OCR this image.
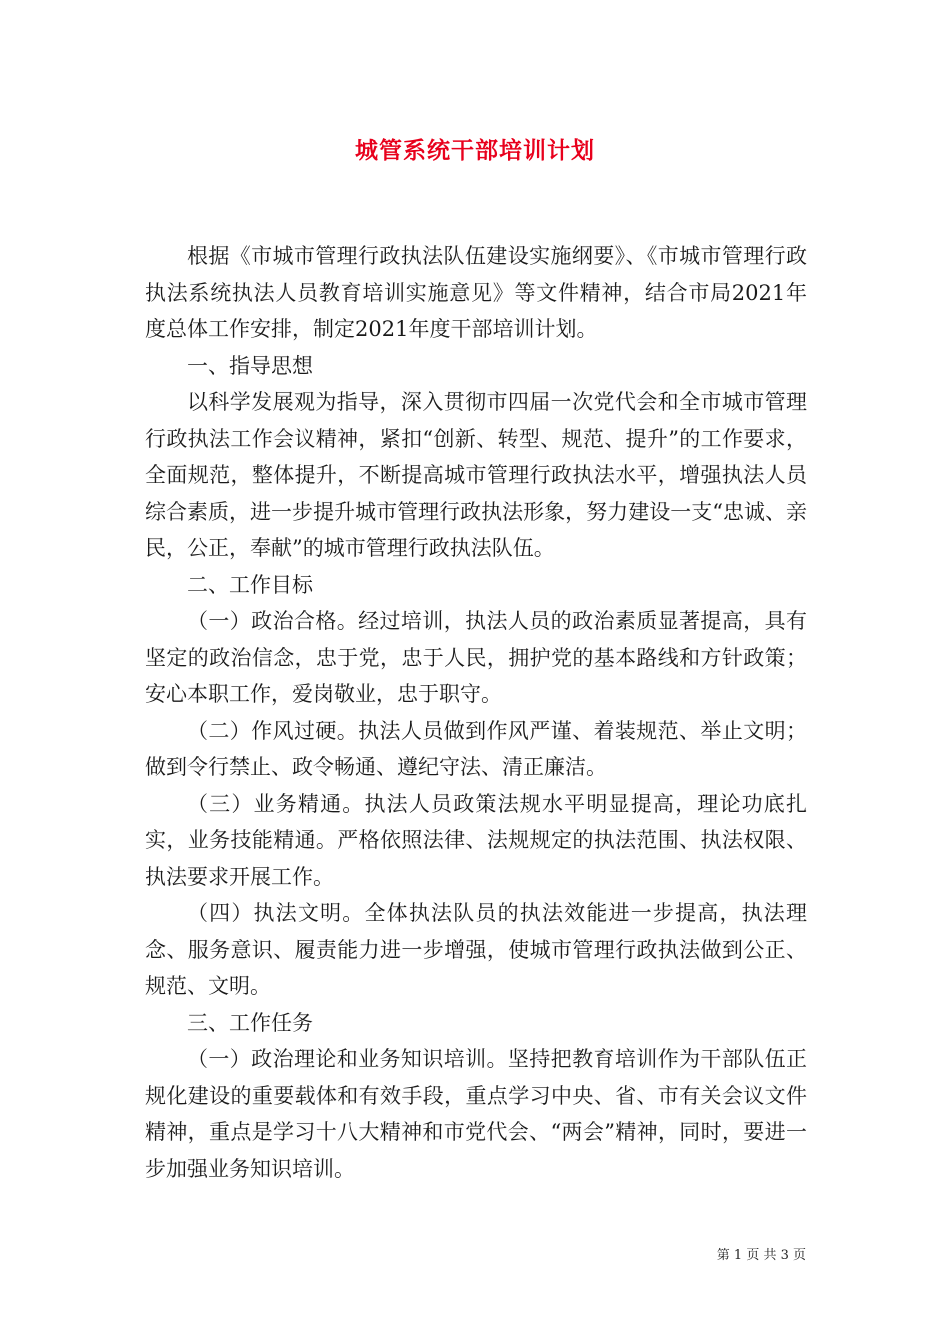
城管系统干部培训计划

根据《市城市管理行政执法队伍建设实施纲要》、《市城市管理行政执法系统执法人员教育培训实施意见》等文件精神，结合市局2021年度总体工作安排，制定2021年度干部培训计划。

一、指导思想

以科学发展观为指导，深入贯彻市四届一次党代会和全市城市管理行政执法工作会议精神，紧扣“创新、转型、规范、提升”的工作要求，全面规范，整体提升，不断提高城市管理行政执法水平，增强执法人员综合素质，进一步提升城市管理行政执法形象，努力建设一支“忠诚、亲民，公正，奉献”的城市管理行政执法队伍。

二、工作目标

（一）政治合格。经过培训，执法人员的政治素质显著提高，具有坚定的政治信念，忠于党，忠于人民，拥护党的基本路线和方针政策；安心本职工作，爱岗敬业，忠于职守。

（二）作风过硬。执法人员做到作风严谨、着装规范、举止文明；做到令行禁止、政令畅通、遵纪守法、清正廉洁。

（三）业务精通。执法人员政策法规水平明显提高，理论功底扎实，业务技能精通。严格依照法律、法规规定的执法范围、执法权限、执法要求开展工作。

（四）执法文明。全体执法队员的执法效能进一步提高，执法理念、服务意识、履责能力进一步增强，使城市管理行政执法做到公正、规范、文明。

三、工作任务

（一）政治理论和业务知识培训。坚持把教育培训作为干部队伍正规化建设的重要载体和有效手段，重点学习中央、省、市有关会议文件精神，重点是学习十八大精神和市党代会、“两会”精神，同时，要进一步加强业务知识培训。

第 1 页 共 3 页
